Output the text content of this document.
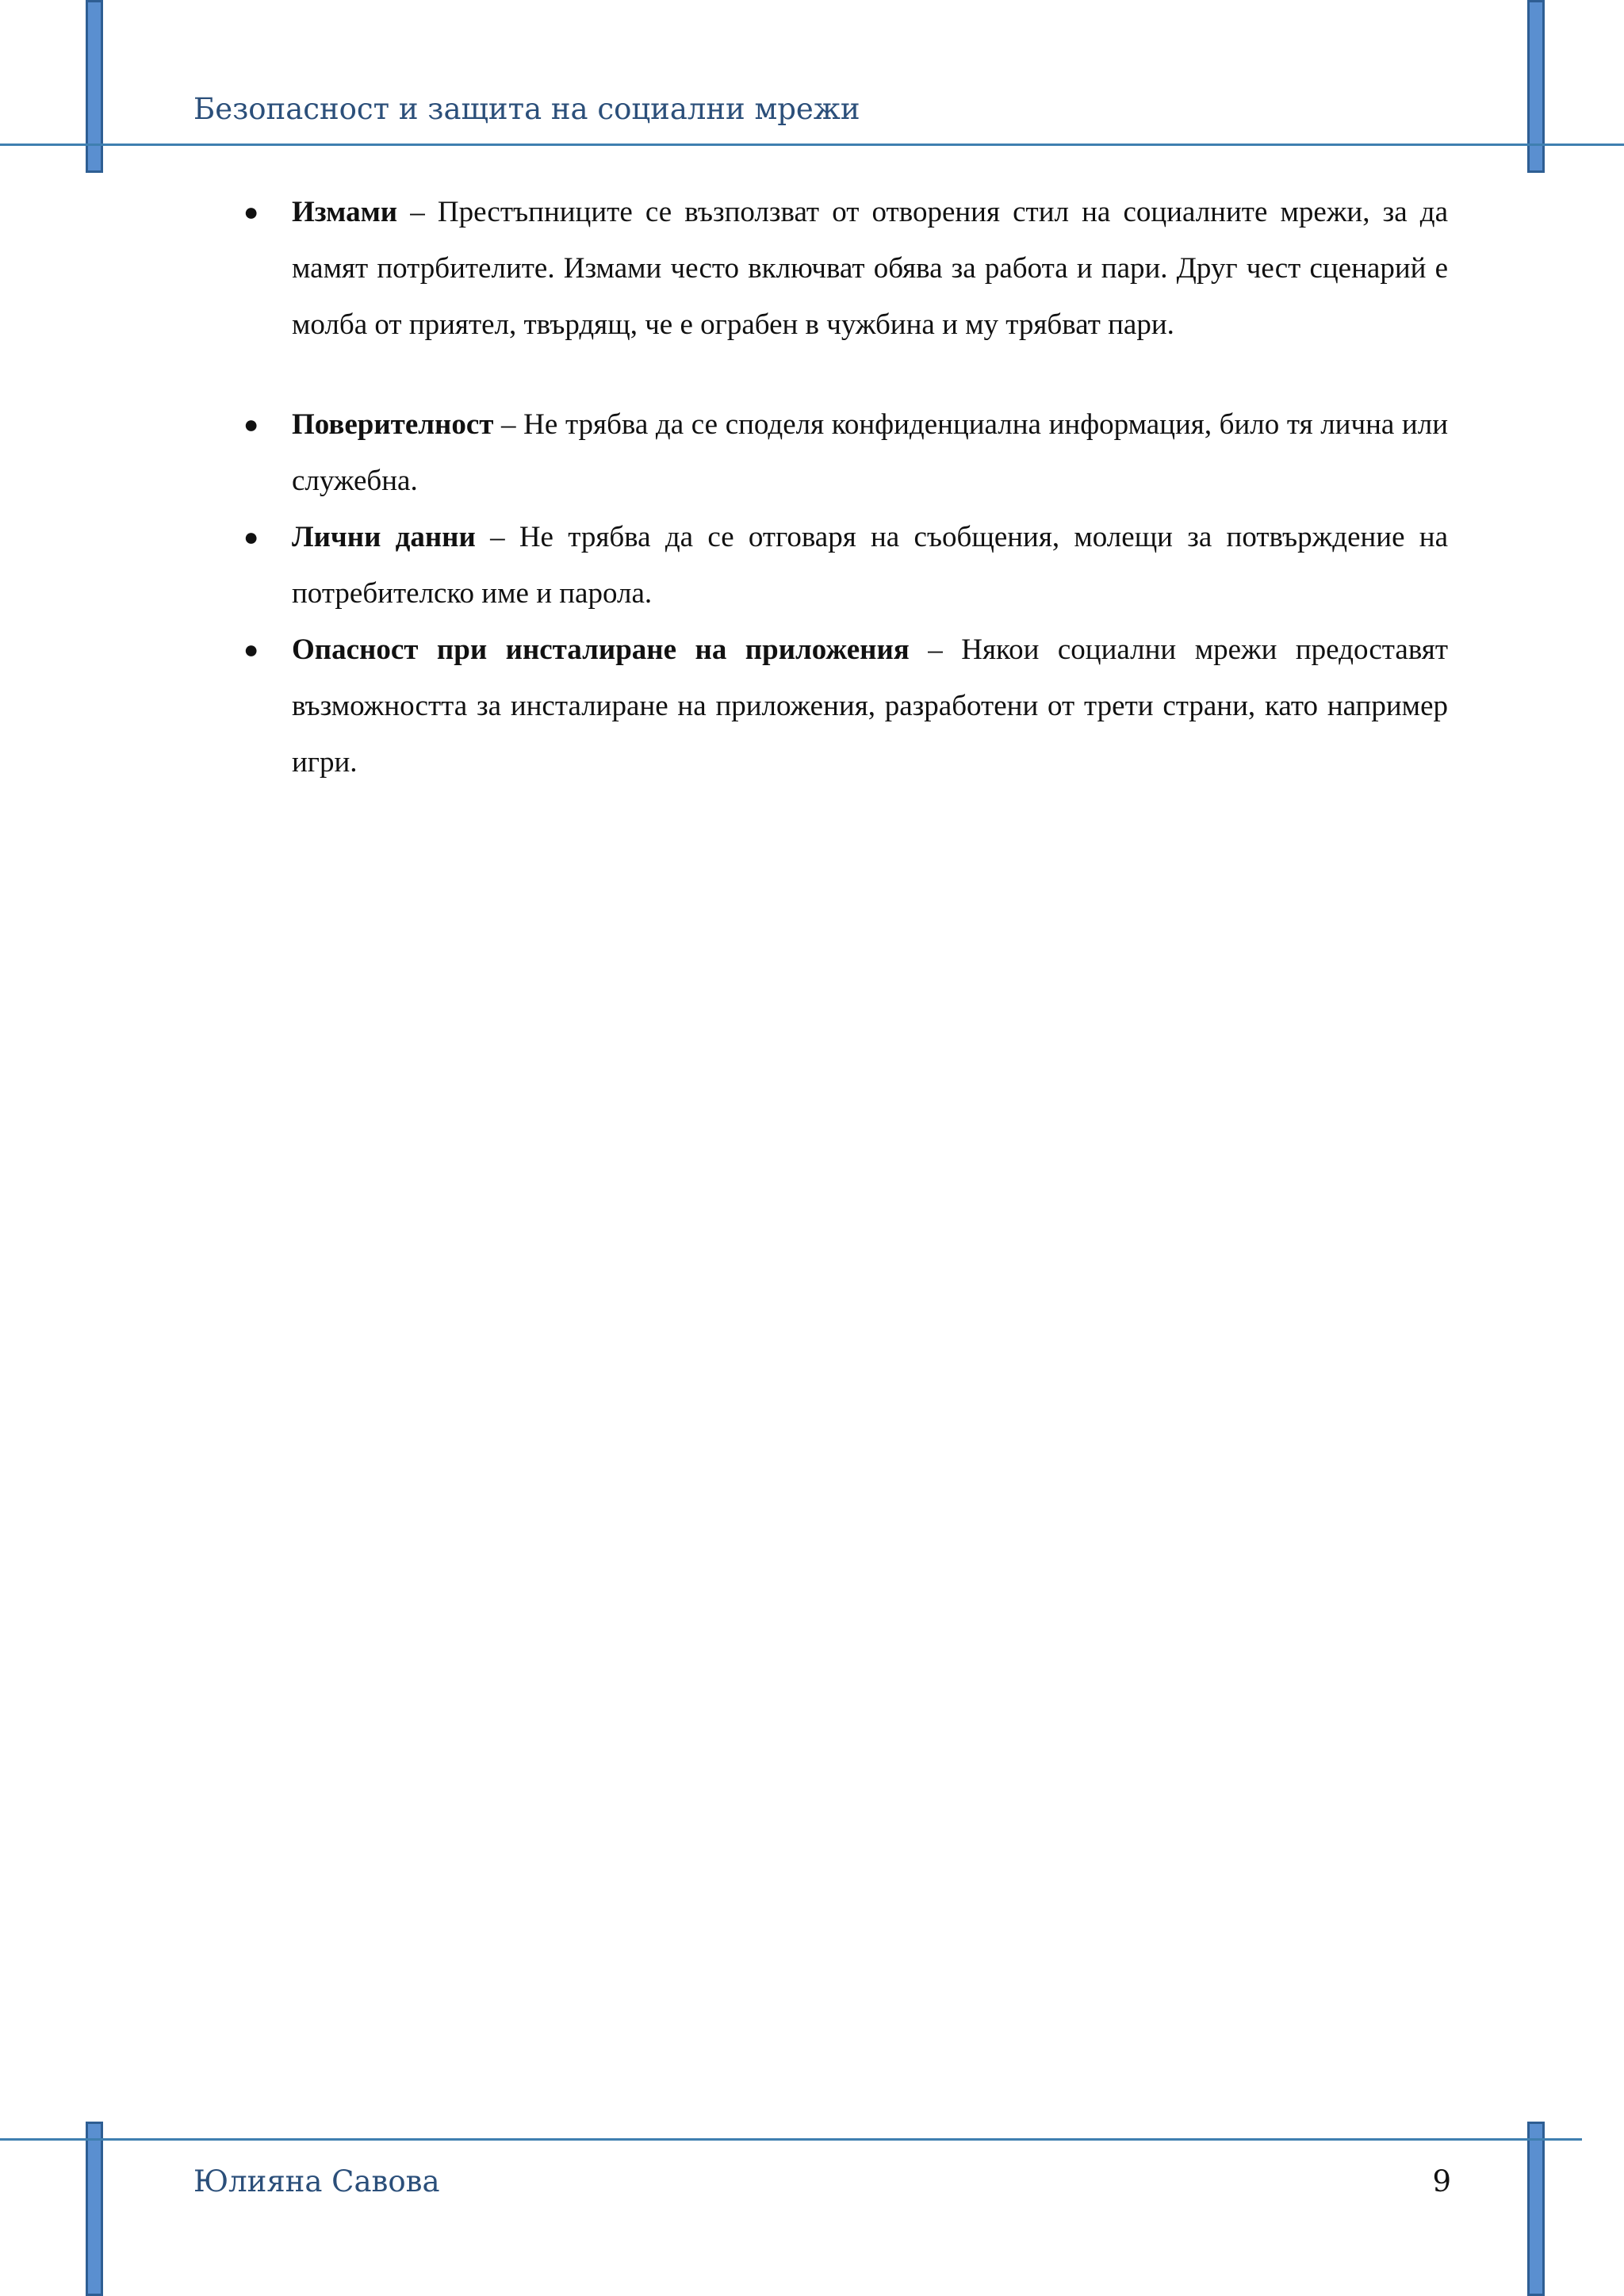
Безопасност и защита на социални мрежи
● Измами – Престъпниците се възползват от отворения стил на социалните мрежи, за да мамят потрбителите. Измами често включват обява за работа и пари. Друг чест сценарий е молба от приятел, твърдящ, че е ограбен в чужбина и му трябват пари.
● Поверителност – Не трябва да се споделя конфиденциална информация, било тя лична или служебна.
● Лични данни – Не трябва да се отговаря на съобщения, молещи за потвърждение на потребителско име и парола.
● Опасност при инсталиране на приложения – Някои социални мрежи предоставят възможността за инсталиране на приложения, разработени от трети страни, като например игри.
Юлияна Савова	9
